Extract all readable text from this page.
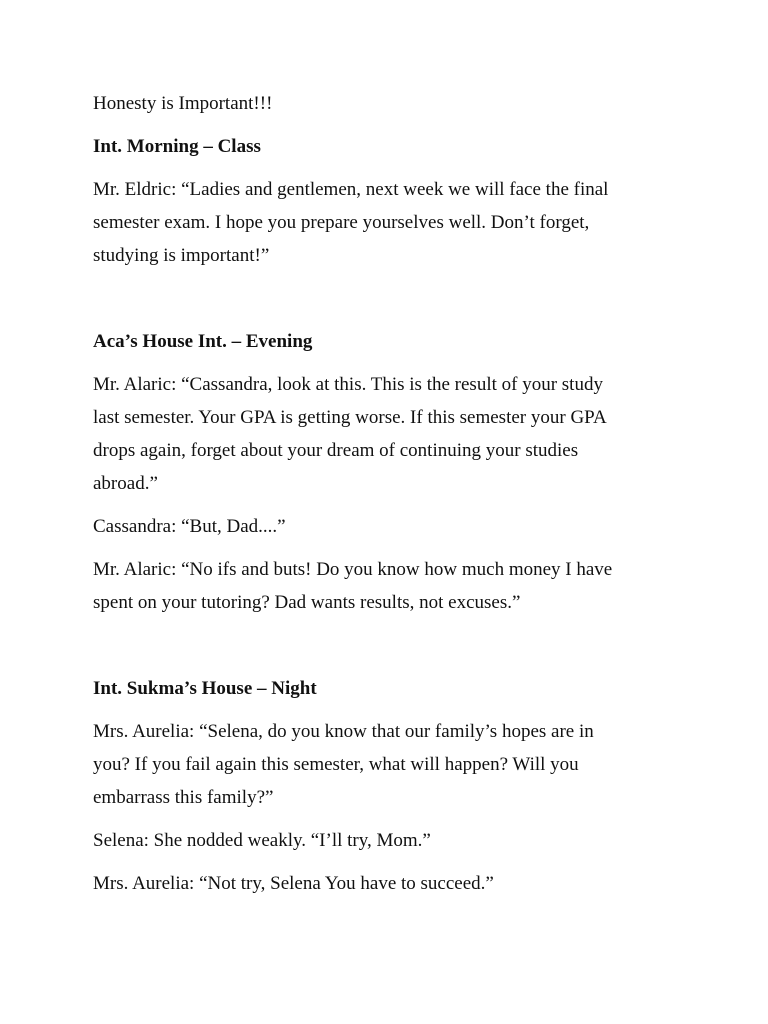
Honesty is Important!!!
Int. Morning – Class
Mr. Eldric: “Ladies and gentlemen, next week we will face the final
semester exam. I hope you prepare yourselves well. Don’t forget,
studying is important!”
Aca’s House Int. – Evening
Mr. Alaric: “Cassandra, look at this. This is the result of your study
last semester. Your GPA is getting worse. If this semester your GPA
drops again, forget about your dream of continuing your studies
abroad.”
Cassandra: “But, Dad....”
Mr. Alaric: “No ifs and buts! Do you know how much money I have
spent on your tutoring? Dad wants results, not excuses.”
Int. Sukma’s House – Night
Mrs. Aurelia: “Selena, do you know that our family’s hopes are in
you? If you fail again this semester, what will happen? Will you
embarrass this family?”
Selena: She nodded weakly. “I’ll try, Mom.”
Mrs. Aurelia: “Not try, Selena You have to succeed.”
